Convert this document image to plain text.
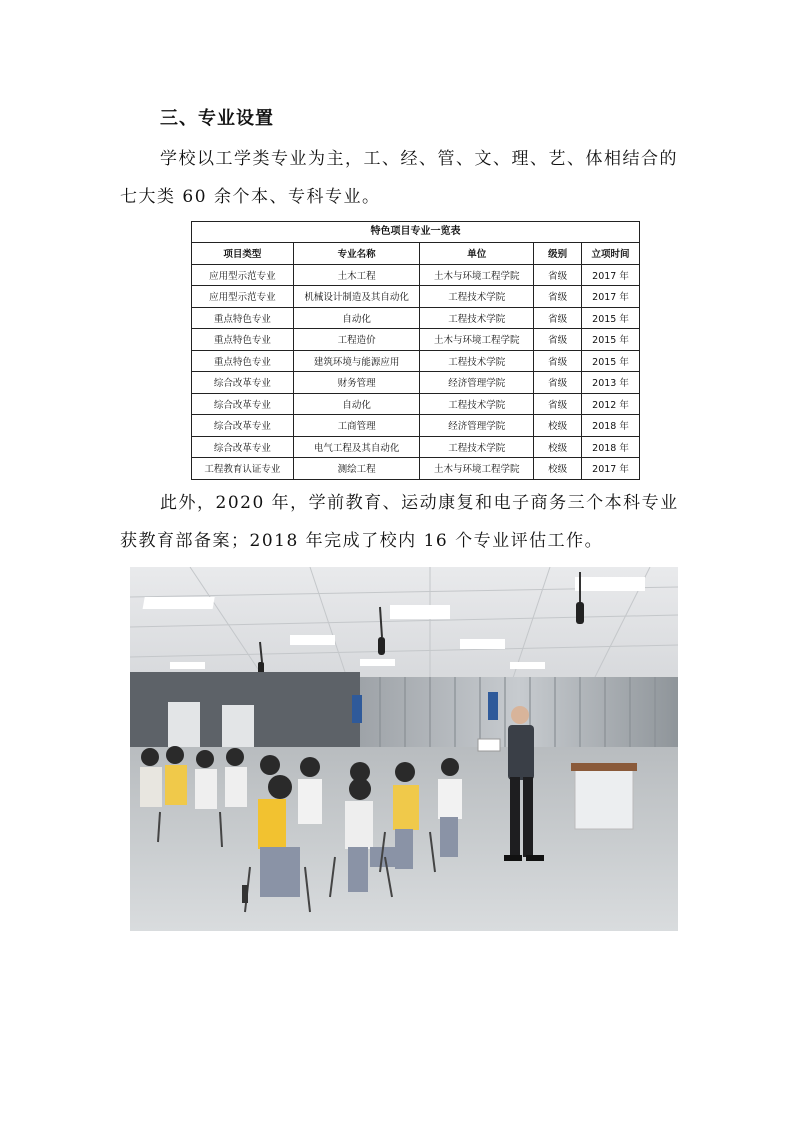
三、专业设置
学校以工学类专业为主，工、经、管、文、理、艺、体相结合的
七大类 60 余个本、专科专业。
特色项目专业一览表
项目类型	专业名称	单位	级别	立项时间
应用型示范专业	土木工程	土木与环境工程学院	省级	2017 年
应用型示范专业	机械设计制造及其自动化	工程技术学院	省级	2017 年
重点特色专业	自动化	工程技术学院	省级	2015 年
重点特色专业	工程造价	土木与环境工程学院	省级	2015 年
重点特色专业	建筑环境与能源应用	工程技术学院	省级	2015 年
综合改革专业	财务管理	经济管理学院	省级	2013 年
综合改革专业	自动化	工程技术学院	省级	2012 年
综合改革专业	工商管理	经济管理学院	校级	2018 年
综合改革专业	电气工程及其自动化	工程技术学院	校级	2018 年
工程教育认证专业	测绘工程	土木与环境工程学院	校级	2017 年
此外，2020 年，学前教育、运动康复和电子商务三个本科专业
获教育部备案；2018 年完成了校内 16 个专业评估工作。
